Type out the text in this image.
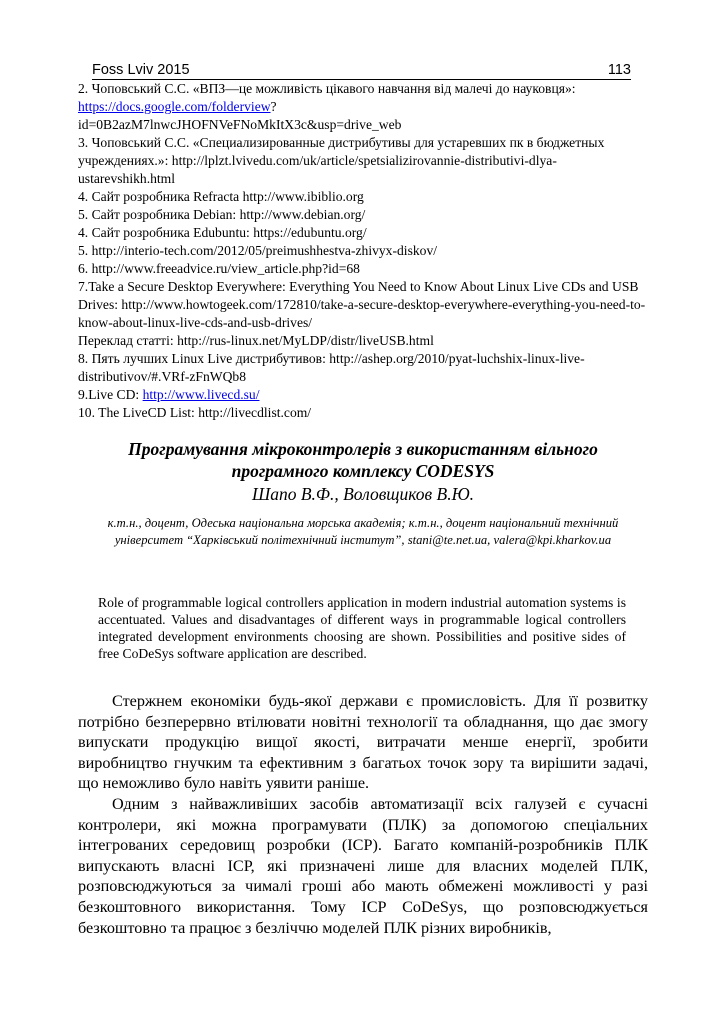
Foss Lviv 2015	113

2. Чоповський С.С. «ВПЗ—це можливість цікавого навчання від малечі до науковця»: https://docs.google.com/folderview?

id=0B2azM7lnwcJHOFNVeFNoMkItX3c&usp=drive_web

3. Чоповський С.С. «Специализированные дистрибутивы для устаревших пк в бюджетных учреждениях.»: http://lplzt.lvivedu.com/uk/article/spetsializirovannie-distributivi-dlya-ustarevshikh.html

4. Сайт розробника Refracta http://www.ibiblio.org

5. Сайт розробника Debian: http://www.debian.org/

4. Сайт розробника Edubuntu: https://edubuntu.org/

5. http://interio-tech.com/2012/05/preimushhestva-zhivyx-diskov/

6. http://www.freeadvice.ru/view_article.php?id=68

7.Take a Secure Desktop Everywhere: Everything You Need to Know About Linux Live CDs and USB Drives: http://www.howtogeek.com/172810/take-a-secure-desktop-everywhere-everything-you-need-to-know-about-linux-live-cds-and-usb-drives/

Переклад статті: http://rus-linux.net/MyLDP/distr/liveUSB.html

8. Пять лучших Linux Live дистрибутивов: http://ashep.org/2010/pyat-luchshix-linux-live-distributivov/#.VRf-zFnWQb8

9.Live CD: http://www.livecd.su/

10. The LiveCD List: http://livecdlist.com/

Програмування мікроконтролерів з використанням вільного
програмного комплексу CODESYS
Шапо В.Ф., Воловщиков В.Ю.
к.т.н., доцент, Одеська національна морська академія; к.т.н., доцент національний технічний університет “Харківський політехнічний інститут”, stani@te.net.ua, valera@kpi.kharkov.ua
Role of programmable logical controllers application in modern industrial automation systems is accentuated. Values and disadvantages of different ways in programmable logical controllers integrated development environments choosing are shown. Possibilities and positive sides of free CoDeSys software application are described.

Стержнем економіки будь-якої держави є промисловість. Для її розвитку потрібно безперервно втілювати новітні технології та обладнання, що дає змогу випускати продукцію вищої якості, витрачати менше енергії, зробити виробництво гнучким та ефективним з багатьох точок зору та вирішити задачі, що неможливо було навіть уявити раніше.

Одним з найважливіших засобів автоматизації всіх галузей є сучасні контролери, які можна програмувати (ПЛК) за допомогою спеціальних інтегрованих середовищ розробки (ІСР). Багато компаній-розробників ПЛК випускають власні ІСР, які призначені лише для власних моделей ПЛК, розповсюджуються за чималі гроші або мають обмежені можливості у разі безкоштовного використання. Тому ІСР CoDeSys, що розповсюджується безкоштовно та працює з безліччю моделей ПЛК різних виробників,
